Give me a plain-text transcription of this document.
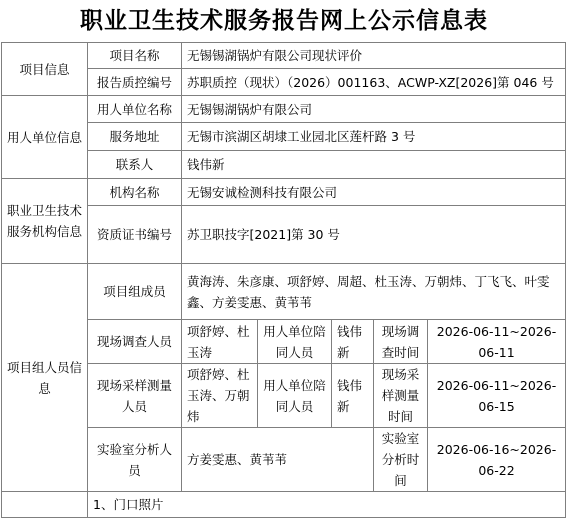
职业卫生技术服务报告网上公示信息表
项目信息	项目名称	无锡锡湖锅炉有限公司现状评价				
	报告质控编号	苏职质控（现状）（2026）001163、ACWP-XZ[2026]第 046 号				
用人单位信息	用人单位名称	无锡锡湖锅炉有限公司				
	服务地址	无锡市滨湖区胡埭工业园北区莲杆路 3 号				
	联系人	钱伟新				
职业卫生技术服务机构信息	机构名称	无锡安诚检测科技有限公司				
	资质证书编号	苏卫职技字[2021]第 30 号				
项目组人员信息	项目组成员	黄海涛、朱彦康、项舒婷、周超、杜玉涛、万朝炜、丁飞飞、叶雯鑫、方姜雯惠、黄苇苇				
	现场调查人员	项舒婷、杜玉涛	用人单位陪同人员	钱伟新	现场调查时间	2026-06-11~2026-06-11
	现场采样测量人员	项舒婷、杜玉涛、万朝炜	用人单位陪同人员	钱伟新	现场采样测量时间	2026-06-11~2026-06-15
	实验室分析人员	方姜雯惠、黄苇苇			实验室分析时间	2026-06-16~2026-06-22
	1、门口照片					
